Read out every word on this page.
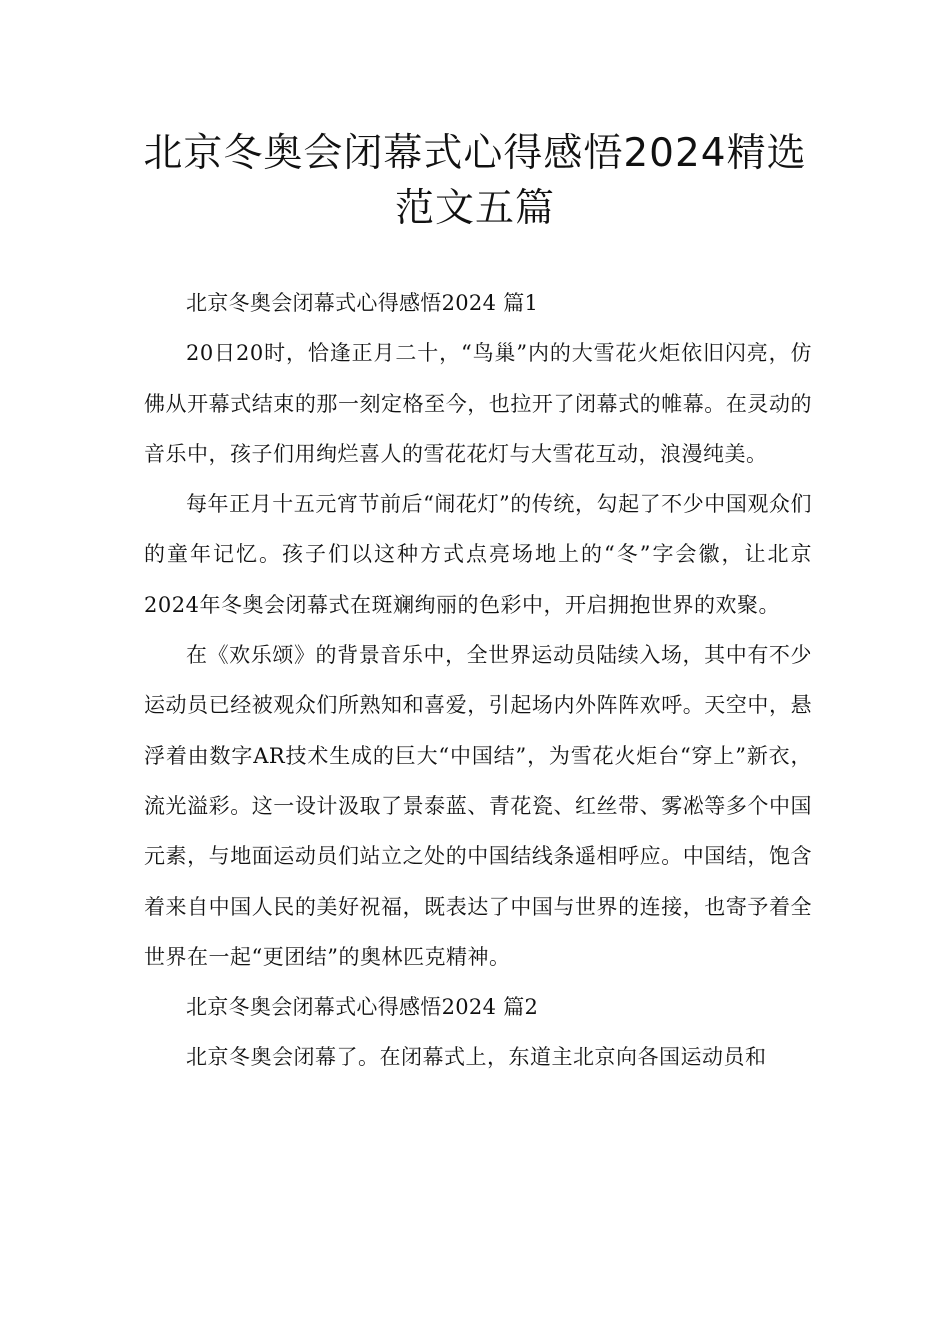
北京冬奥会闭幕式心得感悟2024精选
范文五篇

北京冬奥会闭幕式心得感悟2024 篇1

20日20时，恰逢正月二十，“鸟巢”内的大雪花火炬依旧闪亮，仿佛从开幕式结束的那一刻定格至今，也拉开了闭幕式的帷幕。在灵动的音乐中，孩子们用绚烂喜人的雪花花灯与大雪花互动，浪漫纯美。

每年正月十五元宵节前后“闹花灯”的传统，勾起了不少中国观众们的童年记忆。孩子们以这种方式点亮场地上的“冬”字会徽，让北京2024年冬奥会闭幕式在斑斓绚丽的色彩中，开启拥抱世界的欢聚。

在《欢乐颂》的背景音乐中，全世界运动员陆续入场，其中有不少运动员已经被观众们所熟知和喜爱，引起场内外阵阵欢呼。天空中，悬浮着由数字AR技术生成的巨大“中国结”，为雪花火炬台“穿上”新衣，流光溢彩。这一设计汲取了景泰蓝、青花瓷、红丝带、雾凇等多个中国元素，与地面运动员们站立之处的中国结线条遥相呼应。中国结，饱含着来自中国人民的美好祝福，既表达了中国与世界的连接，也寄予着全世界在一起“更团结”的奥林匹克精神。

北京冬奥会闭幕式心得感悟2024 篇2

北京冬奥会闭幕了。在闭幕式上，东道主北京向各国运动员和
